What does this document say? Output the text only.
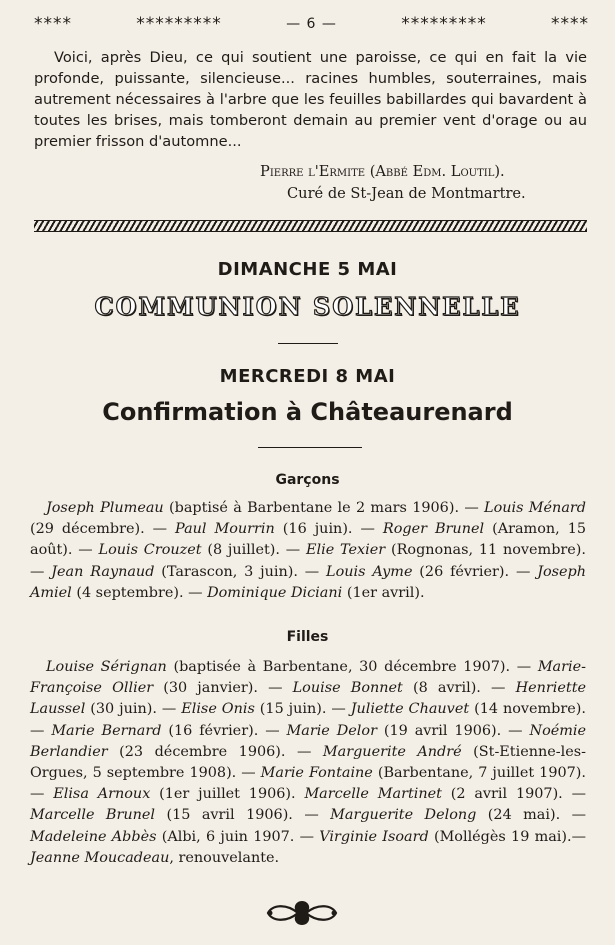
****	*********	— 6 —	*********	****
Voici, après Dieu, ce qui soutient une paroisse, ce qui en fait la vie profonde, puissante, silencieuse... racines humbles, souterraines, mais autrement nécessaires à l'arbre que les feuilles babillardes qui bavardent à toutes les brises, mais tomberont demain au premier vent d'orage ou au premier frisson d'automne...
Pierre l'Ermite (Abbé Edm. Loutil).
Curé de St-Jean de Montmartre.
DIMANCHE 5 MAI
COMMUNION SOLENNELLE
MERCREDI 8 MAI
Confirmation à Châteaurenard
Garçons
Joseph Plumeau (baptisé à Barbentane le 2 mars 1906). — Louis Ménard (29 décembre). — Paul Mourrin (16 juin). — Roger Brunel (Aramon, 15 août). — Louis Crouzet (8 juillet). — Elie Texier (Rognonas, 11 novembre). — Jean Raynaud (Tarascon, 3 juin). — Louis Ayme (26 février). — Joseph Amiel (4 septembre). — Dominique Diciani (1er avril).
Filles
Louise Sérignan (baptisée à Barbentane, 30 décembre 1907). — Marie-Françoise Ollier (30 janvier). — Louise Bonnet (8 avril). — Henriette Laussel (30 juin). — Elise Onis (15 juin). — Juliette Chauvet (14 novembre). — Marie Bernard (16 février). — Marie Delor (19 avril 1906). — Noémie Berlandier (23 décembre 1906). — Marguerite André (St-Etienne-les-Orgues, 5 septembre 1908). — Marie Fontaine (Barbentane, 7 juillet 1907). — Elisa Arnoux (1er juillet 1906). Marcelle Martinet (2 avril 1907). — Marcelle Brunel (15 avril 1906). — Marguerite Delong (24 mai). — Madeleine Abbès (Albi, 6 juin 1907. — Virginie Isoard (Mollégès 19 mai).— Jeanne Moucadeau, renouvelante.
